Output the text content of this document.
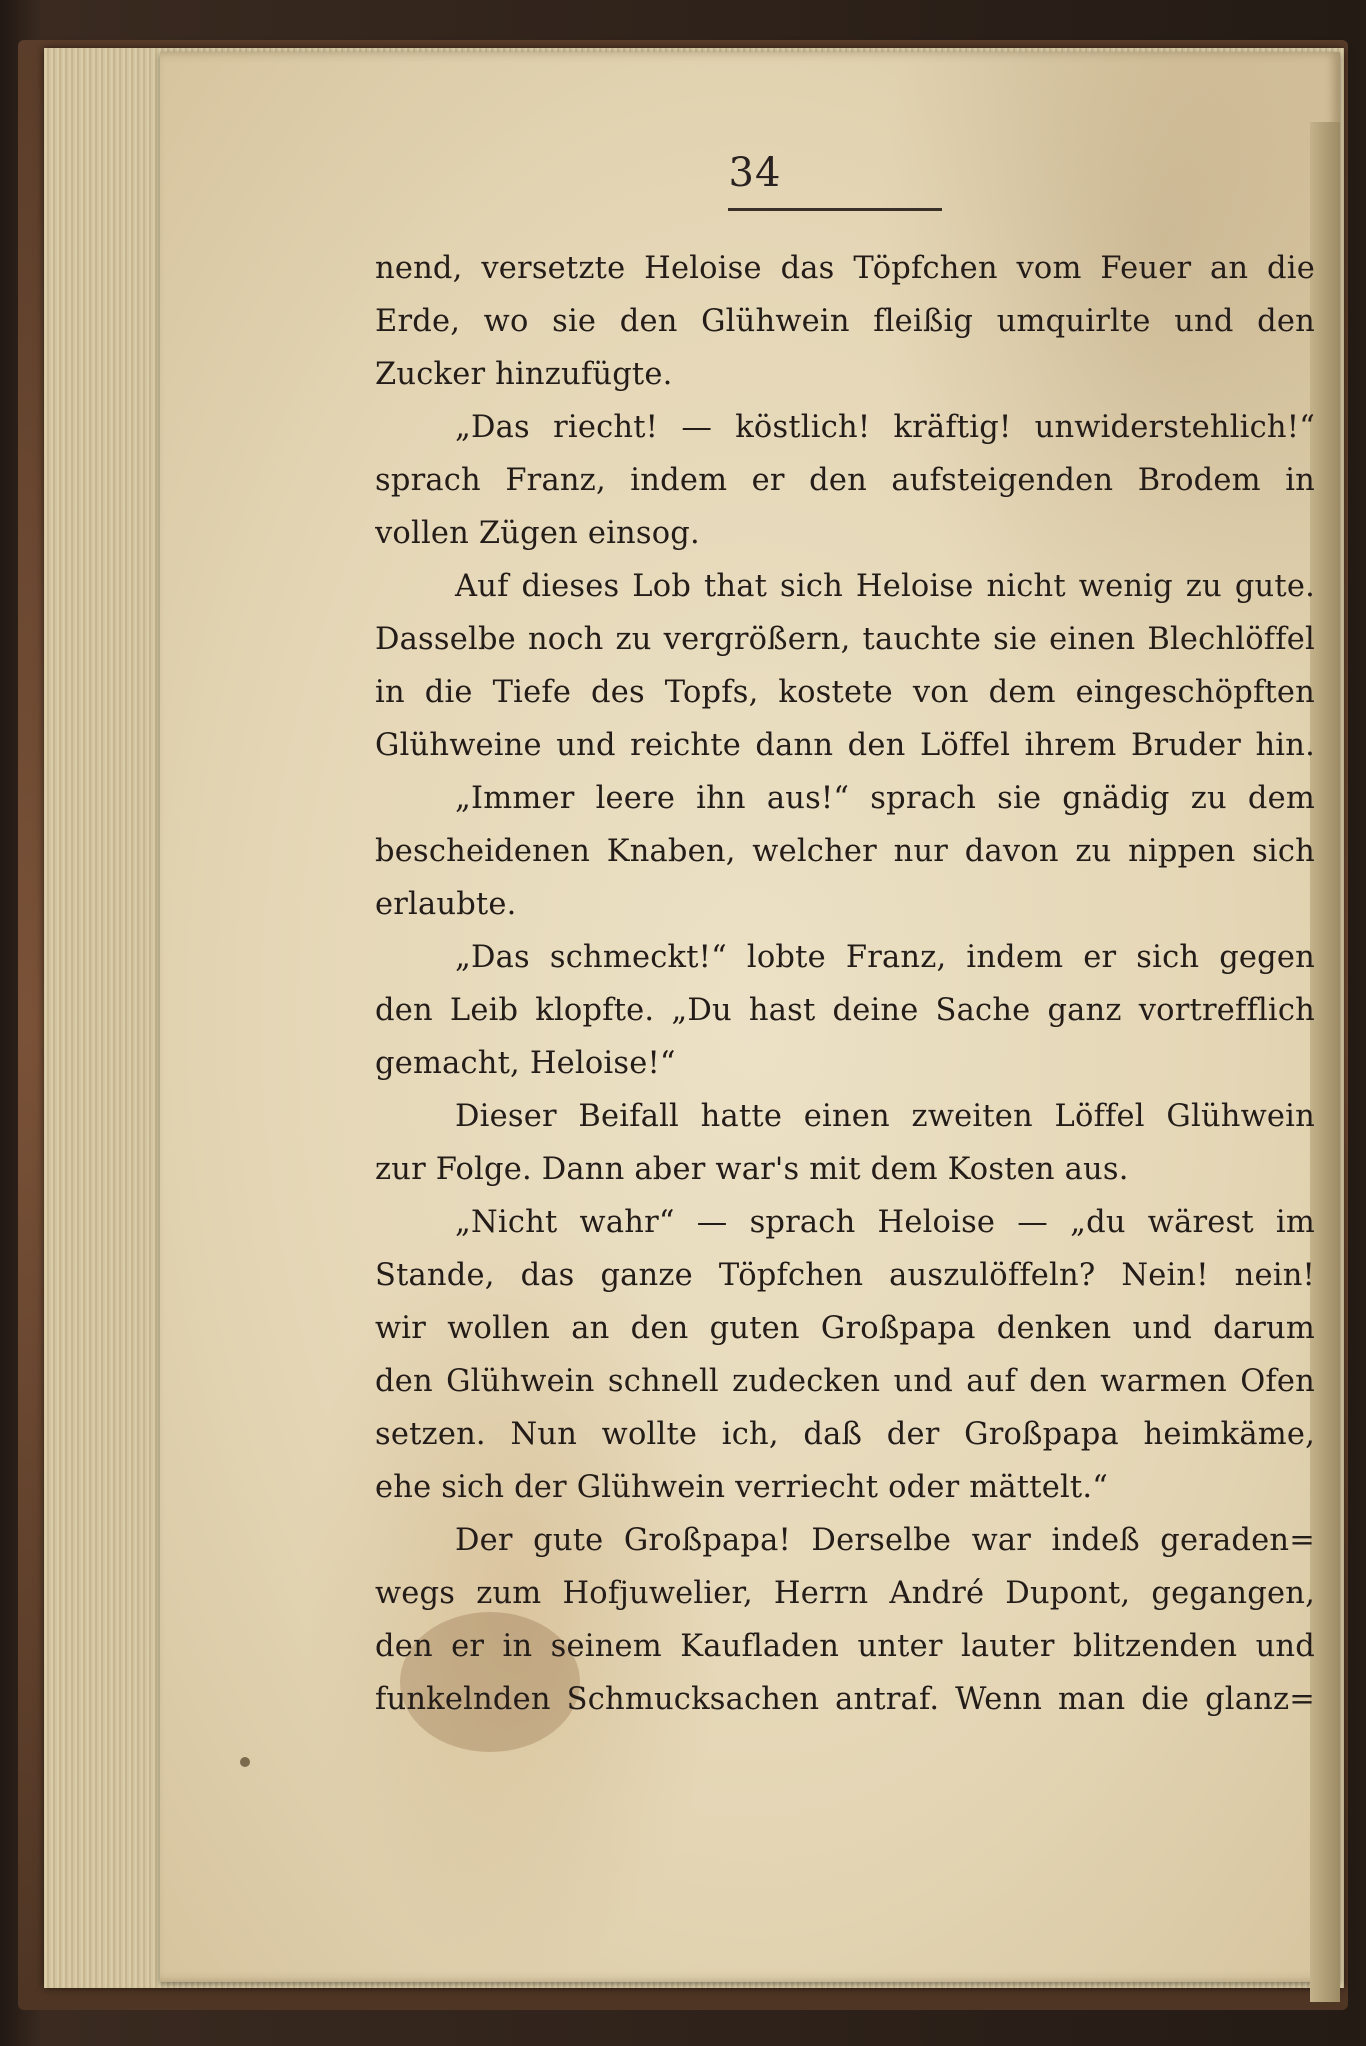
34
nend, versetzte Heloise das Töpfchen vom Feuer an die
Erde, wo sie den Glühwein fleißig umquirlte und den
Zucker hinzufügte.
„Das riecht! — köstlich! kräftig! unwiderstehlich!“
sprach Franz, indem er den aufsteigenden Brodem in
vollen Zügen einsog.
Auf dieses Lob that sich Heloise nicht wenig zu gute.
Dasselbe noch zu vergrößern, tauchte sie einen Blechlöffel
in die Tiefe des Topfs, kostete von dem eingeschöpften
Glühweine und reichte dann den Löffel ihrem Bruder hin.
„Immer leere ihn aus!“ sprach sie gnädig zu dem
bescheidenen Knaben, welcher nur davon zu nippen sich
erlaubte.
„Das schmeckt!“ lobte Franz, indem er sich gegen
den Leib klopfte. „Du hast deine Sache ganz vortrefflich
gemacht, Heloise!“
Dieser Beifall hatte einen zweiten Löffel Glühwein
zur Folge. Dann aber war's mit dem Kosten aus.
„Nicht wahr“ — sprach Heloise — „du wärest im
Stande, das ganze Töpfchen auszulöffeln? Nein! nein!
wir wollen an den guten Großpapa denken und darum
den Glühwein schnell zudecken und auf den warmen Ofen
setzen. Nun wollte ich, daß der Großpapa heimkäme,
ehe sich der Glühwein verriecht oder mättelt.“
Der gute Großpapa! Derselbe war indeß geraden=
wegs zum Hofjuwelier, Herrn André Dupont, gegangen,
den er in seinem Kaufladen unter lauter blitzenden und
funkelnden Schmucksachen antraf. Wenn man die glanz=
